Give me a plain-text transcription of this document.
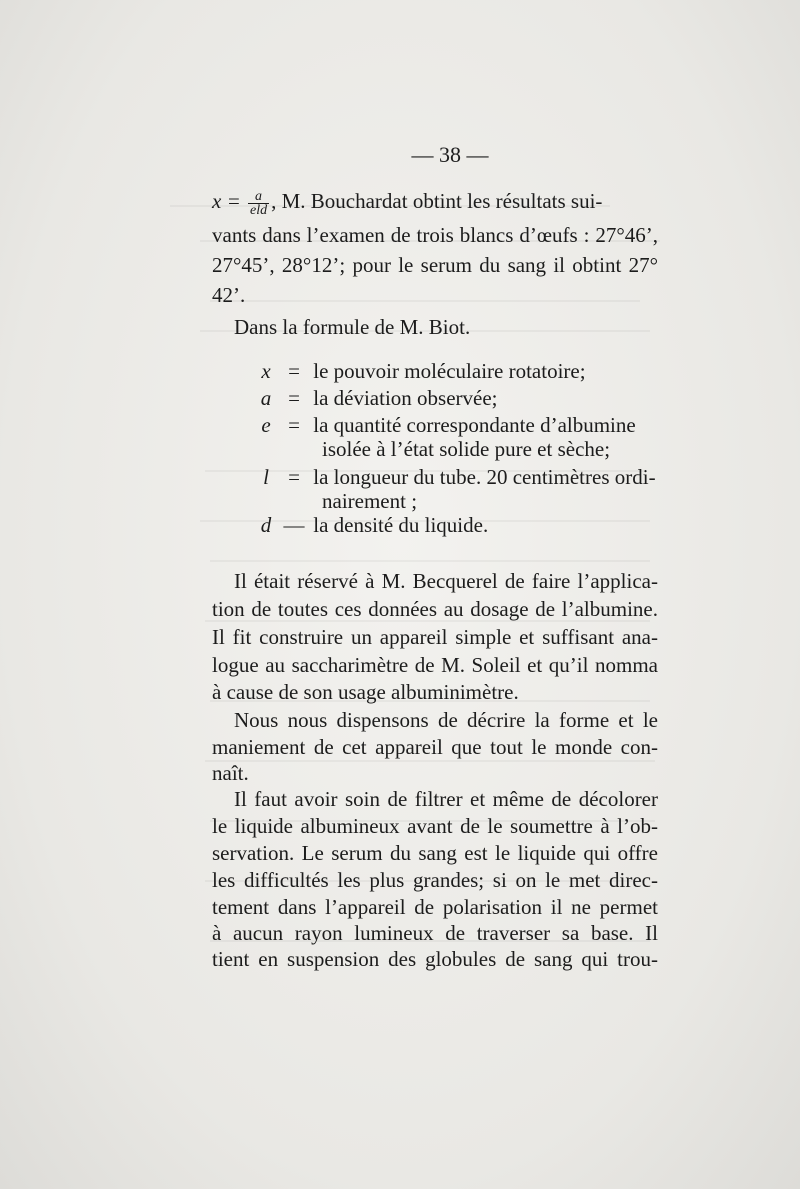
— 38 —
$x = \frac{a}{\text{eld}}$ , M. Bouchardat obtint les résultats sui-
vants dans l’examen de trois blancs d’œufs : 27°46’,
27°45’, 28°12’; pour le serum du sang il obtint 27°
42’.
Dans la formule de M. Biot.
x = le pouvoir moléculaire rotatoire;
a = la déviation observée;
e = la quantité correspondante d’albumine
isolée à l’état solide pure et sèche;
l = la longueur du tube. 20 centimètres ordi-
nairement ;
d — la densité du liquide.
Il était réservé à M. Becquerel de faire l’applica-
tion de toutes ces données au dosage de l’albumine.
Il fit construire un appareil simple et suffisant ana-
logue au saccharimètre de M. Soleil et qu’il nomma
à cause de son usage albuminimètre.
Nous nous dispensons de décrire la forme et le
maniement de cet appareil que tout le monde con-
naît.
Il faut avoir soin de filtrer et même de décolorer
le liquide albumineux avant de le soumettre à l’ob-
servation. Le serum du sang est le liquide qui offre
les difficultés les plus grandes; si on le met direc-
tement dans l’appareil de polarisation il ne permet
à aucun rayon lumineux de traverser sa base. Il
tient en suspension des globules de sang qui trou-
